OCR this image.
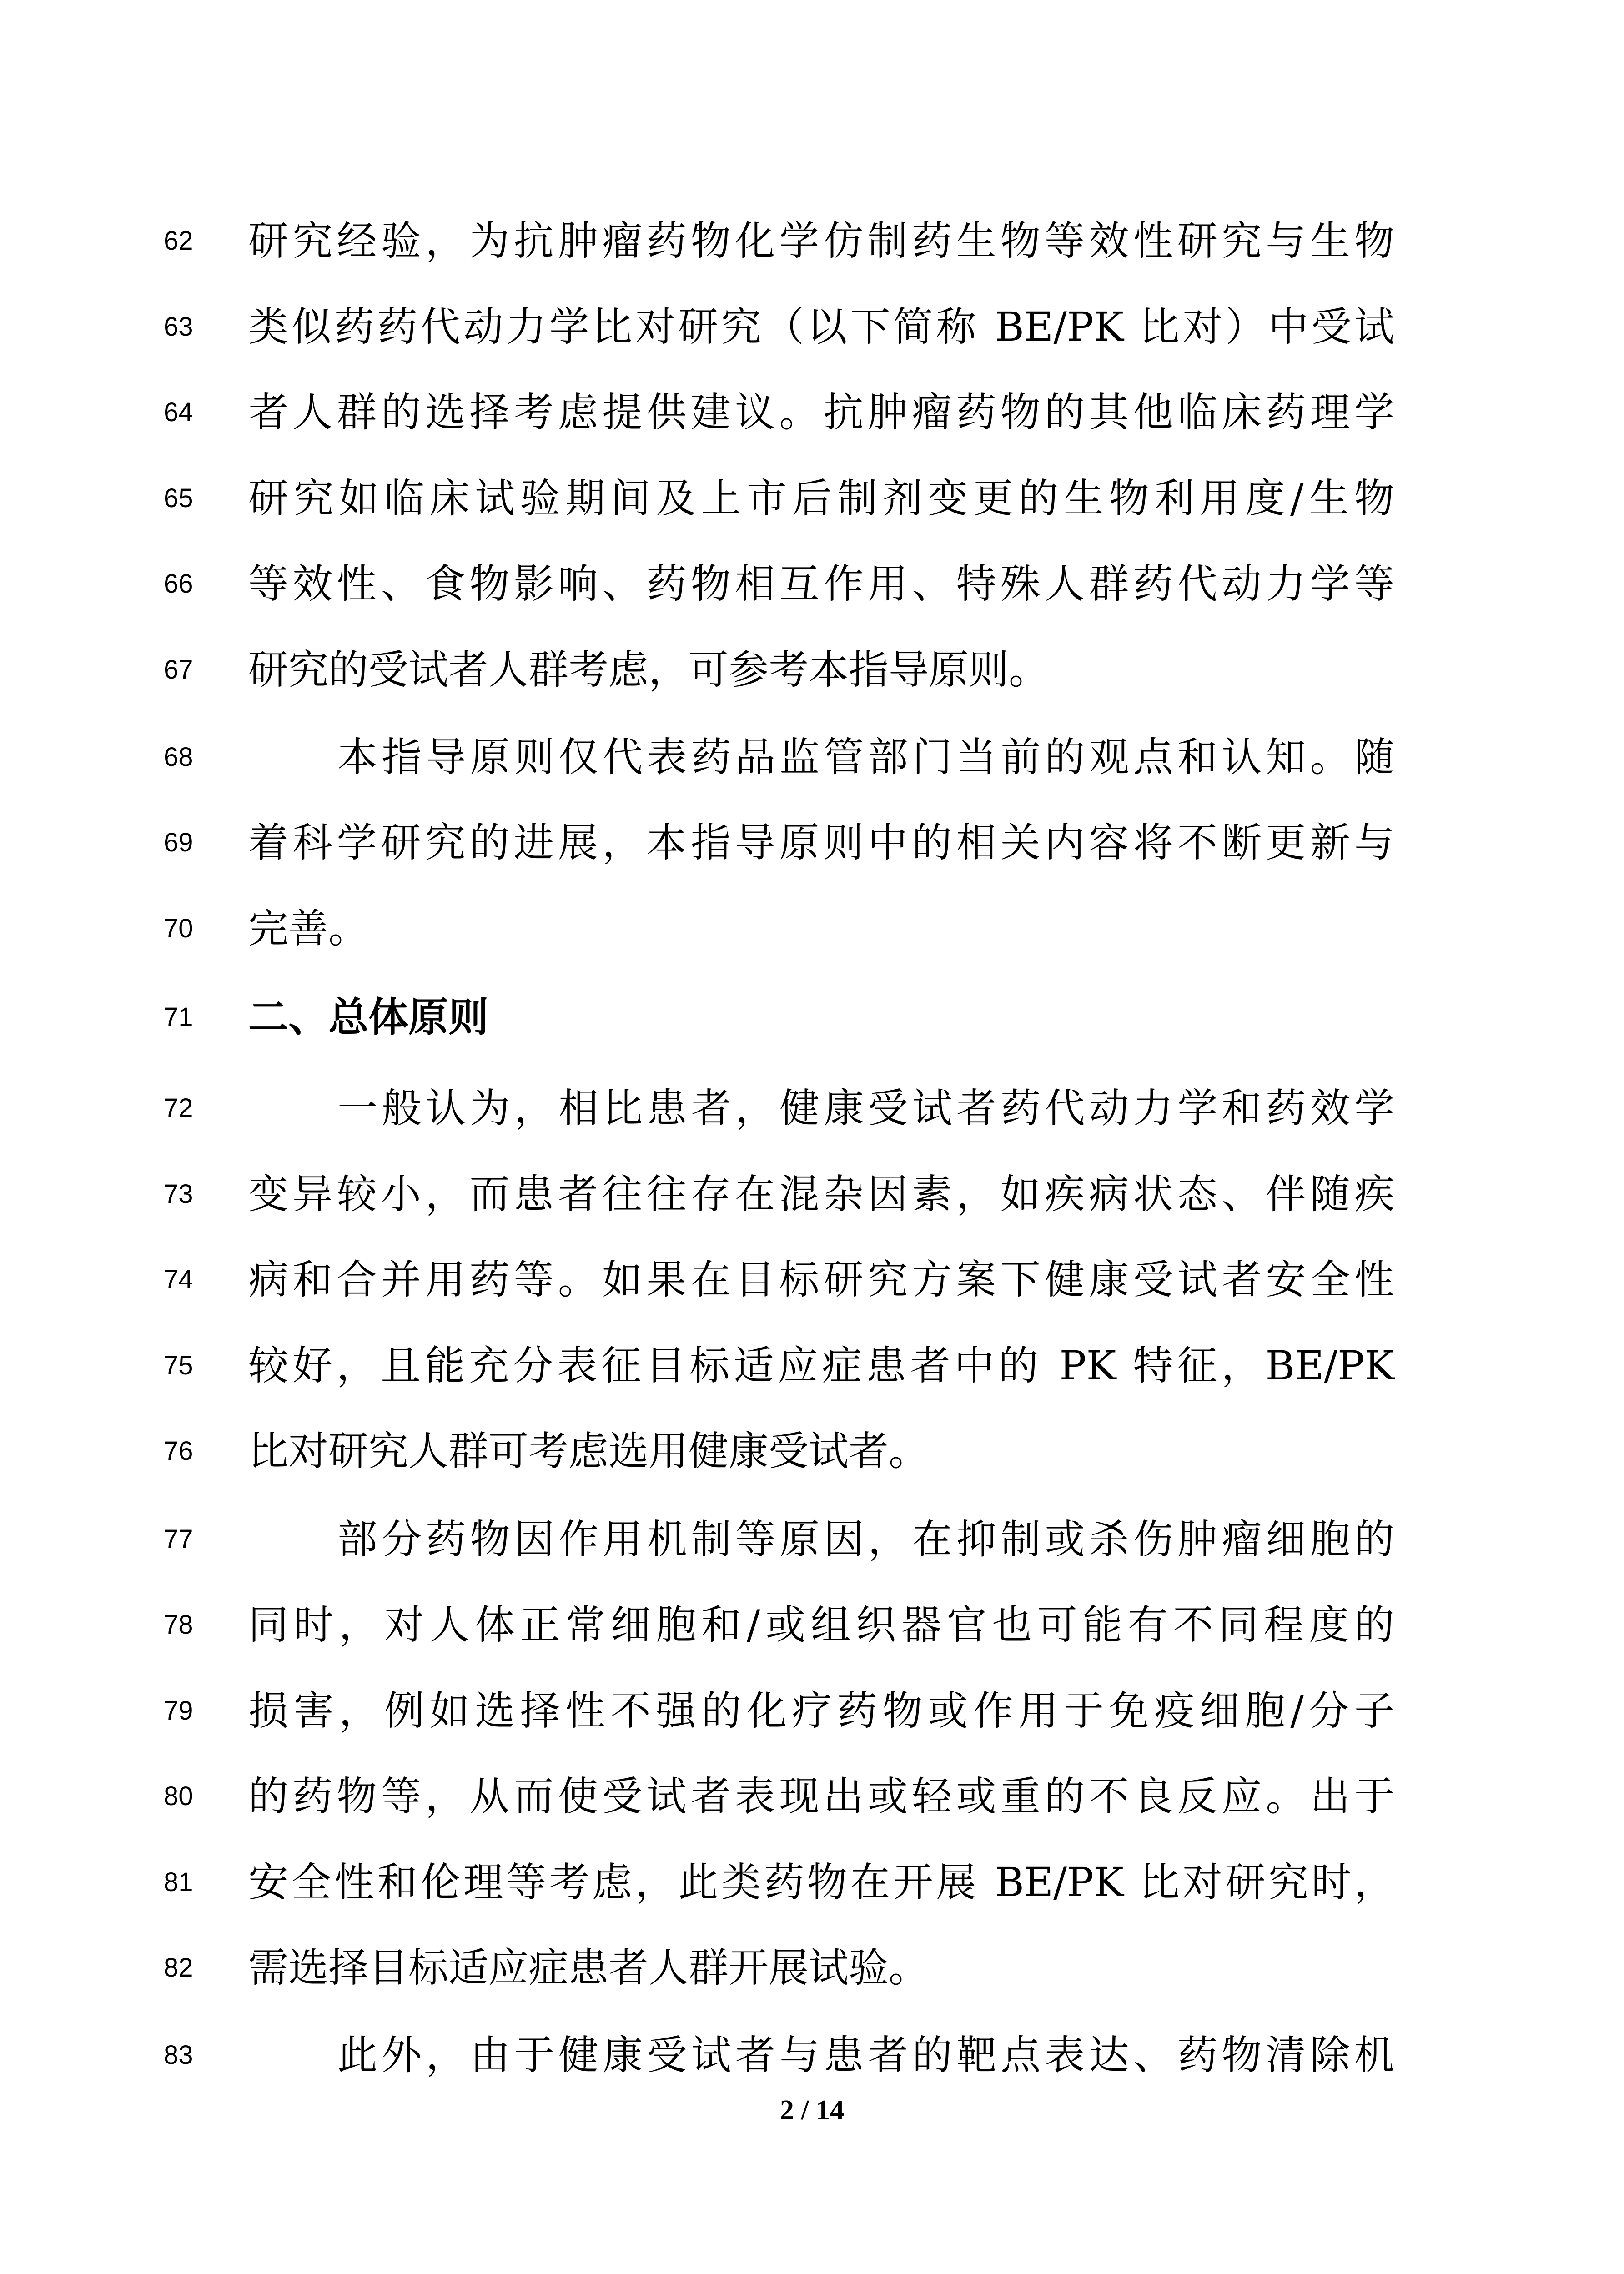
62	研究经验，为抗肿瘤药物化学仿制药生物等效性研究与生物
63	类似药药代动力学比对研究（以下简称 BE/PK 比对）中受试
64	者人群的选择考虑提供建议。抗肿瘤药物的其他临床药理学
65	研究如临床试验期间及上市后制剂变更的生物利用度/生物
66	等效性、食物影响、药物相互作用、特殊人群药代动力学等
67	研究的受试者人群考虑，可参考本指导原则。
68	本指导原则仅代表药品监管部门当前的观点和认知。随
69	着科学研究的进展，本指导原则中的相关内容将不断更新与
70	完善。
71	二、总体原则
72	一般认为，相比患者，健康受试者药代动力学和药效学
73	变异较小，而患者往往存在混杂因素，如疾病状态、伴随疾
74	病和合并用药等。如果在目标研究方案下健康受试者安全性
75	较好，且能充分表征目标适应症患者中的 PK 特征，BE/PK
76	比对研究人群可考虑选用健康受试者。
77	部分药物因作用机制等原因，在抑制或杀伤肿瘤细胞的
78	同时，对人体正常细胞和/或组织器官也可能有不同程度的
79	损害，例如选择性不强的化疗药物或作用于免疫细胞/分子
80	的药物等，从而使受试者表现出或轻或重的不良反应。出于
81	安全性和伦理等考虑，此类药物在开展 BE/PK 比对研究时，
82	需选择目标适应症患者人群开展试验。
83	此外，由于健康受试者与患者的靶点表达、药物清除机
2 / 14
